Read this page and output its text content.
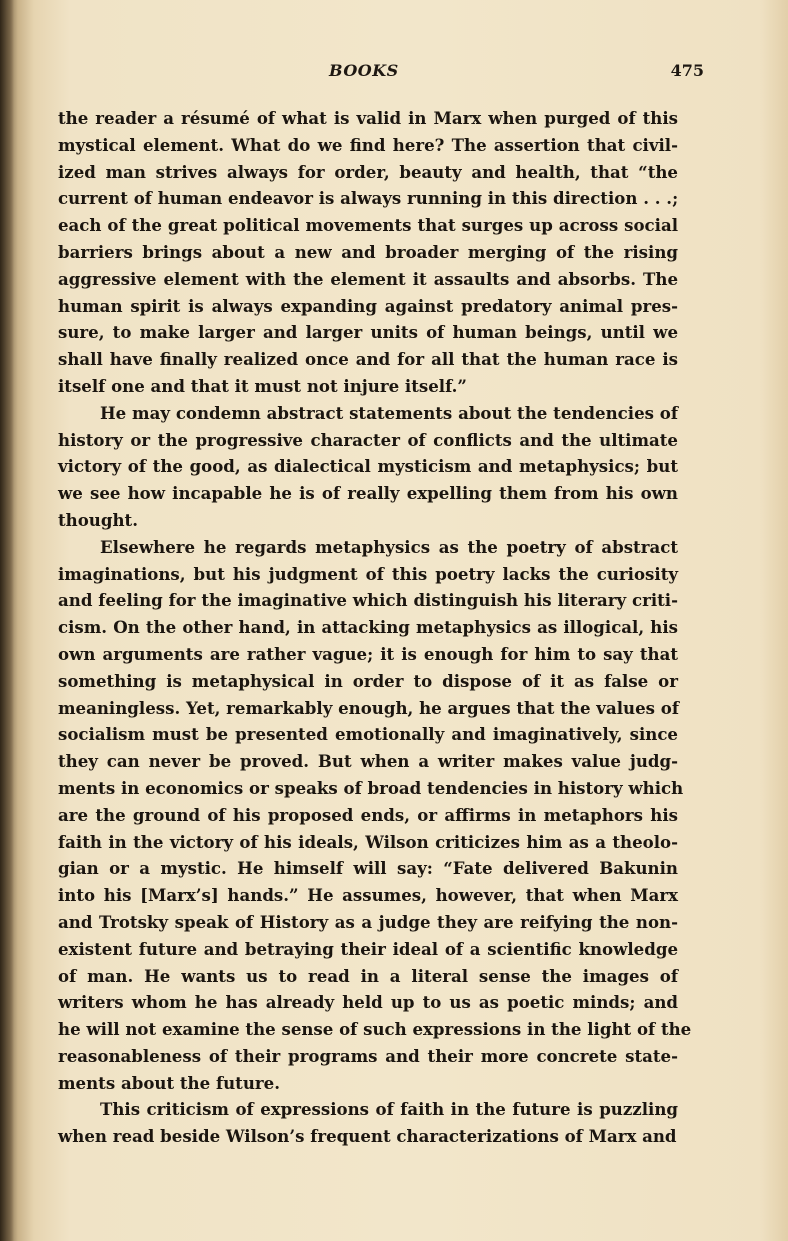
BOOKS	475
the reader a résumé of what is valid in Marx when purged of this
mystical element. What do we find here? The assertion that civil-
ized man strives always for order, beauty and health, that “the
current of human endeavor is always running in this direction . . .;
each of the great political movements that surges up across social
barriers brings about a new and broader merging of the rising
aggressive element with the element it assaults and absorbs. The
human spirit is always expanding against predatory animal pres-
sure, to make larger and larger units of human beings, until we
shall have finally realized once and for all that the human race is
itself one and that it must not injure itself.”
He may condemn abstract statements about the tendencies of
history or the progressive character of conflicts and the ultimate
victory of the good, as dialectical mysticism and metaphysics; but
we see how incapable he is of really expelling them from his own
thought.
Elsewhere he regards metaphysics as the poetry of abstract
imaginations, but his judgment of this poetry lacks the curiosity
and feeling for the imaginative which distinguish his literary criti-
cism. On the other hand, in attacking metaphysics as illogical, his
own arguments are rather vague; it is enough for him to say that
something is metaphysical in order to dispose of it as false or
meaningless. Yet, remarkably enough, he argues that the values of
socialism must be presented emotionally and imaginatively, since
they can never be proved. But when a writer makes value judg-
ments in economics or speaks of broad tendencies in history which
are the ground of his proposed ends, or affirms in metaphors his
faith in the victory of his ideals, Wilson criticizes him as a theolo-
gian or a mystic. He himself will say: “Fate delivered Bakunin
into his [Marx’s] hands.” He assumes, however, that when Marx
and Trotsky speak of History as a judge they are reifying the non-
existent future and betraying their ideal of a scientific knowledge
of man. He wants us to read in a literal sense the images of
writers whom he has already held up to us as poetic minds; and
he will not examine the sense of such expressions in the light of the
reasonableness of their programs and their more concrete state-
ments about the future.
This criticism of expressions of faith in the future is puzzling
when read beside Wilson’s frequent characterizations of Marx and
